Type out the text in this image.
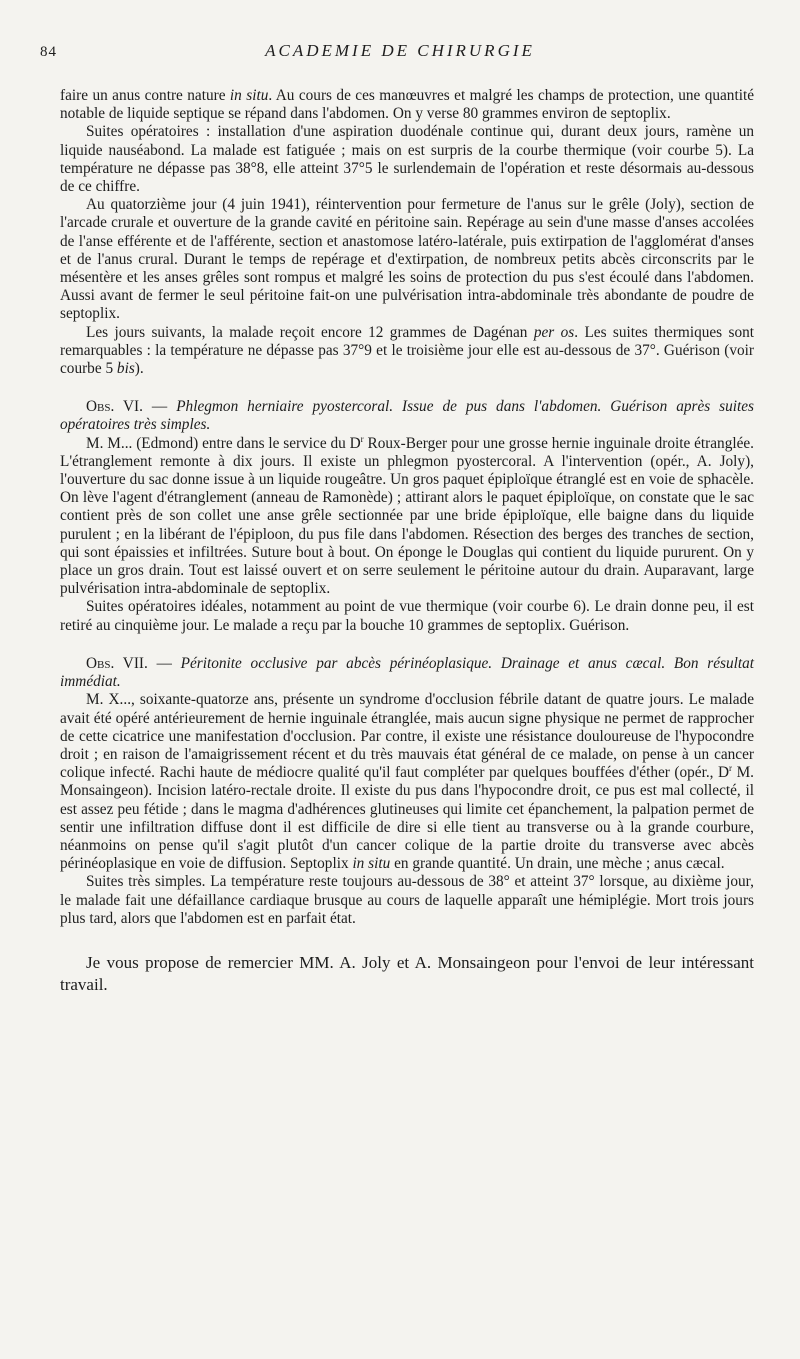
84	ACADEMIE DE CHIRURGIE

faire un anus contre nature in situ. Au cours de ces manœuvres et malgré les champs de protection, une quantité notable de liquide septique se répand dans l'abdomen. On y verse 80 grammes environ de septoplix.

Suites opératoires : installation d'une aspiration duodénale continue qui, durant deux jours, ramène un liquide nauséabond. La malade est fatiguée ; mais on est surpris de la courbe thermique (voir courbe 5). La température ne dépasse pas 38°8, elle atteint 37°5 le surlendemain de l'opération et reste désormais au-dessous de ce chiffre.

Au quatorzième jour (4 juin 1941), réintervention pour fermeture de l'anus sur le grêle (Joly), section de l'arcade crurale et ouverture de la grande cavité en péritoine sain. Repérage au sein d'une masse d'anses accolées de l'anse efférente et de l'afférente, section et anastomose latéro-latérale, puis extirpation de l'agglomérat d'anses et de l'anus crural. Durant le temps de repérage et d'extirpation, de nombreux petits abcès circonscrits par le mésentère et les anses grêles sont rompus et malgré les soins de protection du pus s'est écoulé dans l'abdomen. Aussi avant de fermer le seul péritoine fait-on une pulvérisation intra-abdominale très abondante de poudre de septoplix.

Les jours suivants, la malade reçoit encore 12 grammes de Dagénan per os. Les suites thermiques sont remarquables : la température ne dépasse pas 37°9 et le troisième jour elle est au-dessous de 37°. Guérison (voir courbe 5 bis).

Obs. VI. — Phlegmon herniaire pyostercoral. Issue de pus dans l'abdomen. Guérison après suites opératoires très simples.

M. M... (Edmond) entre dans le service du $D^r$ Roux-Berger pour une grosse hernie inguinale droite étranglée. L'étranglement remonte à dix jours. Il existe un phlegmon pyostercoral. A l'intervention (opér., A. Joly), l'ouverture du sac donne issue à un liquide rougeâtre. Un gros paquet épiploïque étranglé est en voie de sphacèle. On lève l'agent d'étranglement (anneau de Ramonède) ; attirant alors le paquet épiploïque, on constate que le sac contient près de son collet une anse grêle sectionnée par une bride épiploïque, elle baigne dans du liquide purulent ; en la libérant de l'épiploon, du pus file dans l'abdomen. Résection des berges des tranches de section, qui sont épaissies et infiltrées. Suture bout à bout. On éponge le Douglas qui contient du liquide pururent. On y place un gros drain. Tout est laissé ouvert et on serre seulement le péritoine autour du drain. Auparavant, large pulvérisation intra-abdominale de septoplix.

Suites opératoires idéales, notamment au point de vue thermique (voir courbe 6). Le drain donne peu, il est retiré au cinquième jour. Le malade a reçu par la bouche 10 grammes de septoplix. Guérison.

Obs. VII. — Péritonite occlusive par abcès périnéoplasique. Drainage et anus cæcal. Bon résultat immédiat.

M. X..., soixante-quatorze ans, présente un syndrome d'occlusion fébrile datant de quatre jours. Le malade avait été opéré antérieurement de hernie inguinale étranglée, mais aucun signe physique ne permet de rapprocher de cette cicatrice une manifestation d'occlusion. Par contre, il existe une résistance douloureuse de l'hypocondre droit ; en raison de l'amaigrissement récent et du très mauvais état général de ce malade, on pense à un cancer colique infecté. Rachi haute de médiocre qualité qu'il faut compléter par quelques bouffées d'éther (opér., $D^r$ M. Monsaingeon). Incision latéro-rectale droite. Il existe du pus dans l'hypocondre droit, ce pus est mal collecté, il est assez peu fétide ; dans le magma d'adhérences glutineuses qui limite cet épanchement, la palpation permet de sentir une infiltration diffuse dont il est difficile de dire si elle tient au transverse ou à la grande courbure, néanmoins on pense qu'il s'agit plutôt d'un cancer colique de la partie droite du transverse avec abcès périnéoplasique en voie de diffusion. Septoplix in situ en grande quantité. Un drain, une mèche ; anus cæcal.

Suites très simples. La température reste toujours au-dessous de 38° et atteint 37° lorsque, au dixième jour, le malade fait une défaillance cardiaque brusque au cours de laquelle apparaît une hémiplégie. Mort trois jours plus tard, alors que l'abdomen est en parfait état.

Je vous propose de remercier MM. A. Joly et A. Monsaingeon pour l'envoi de leur intéressant travail.
